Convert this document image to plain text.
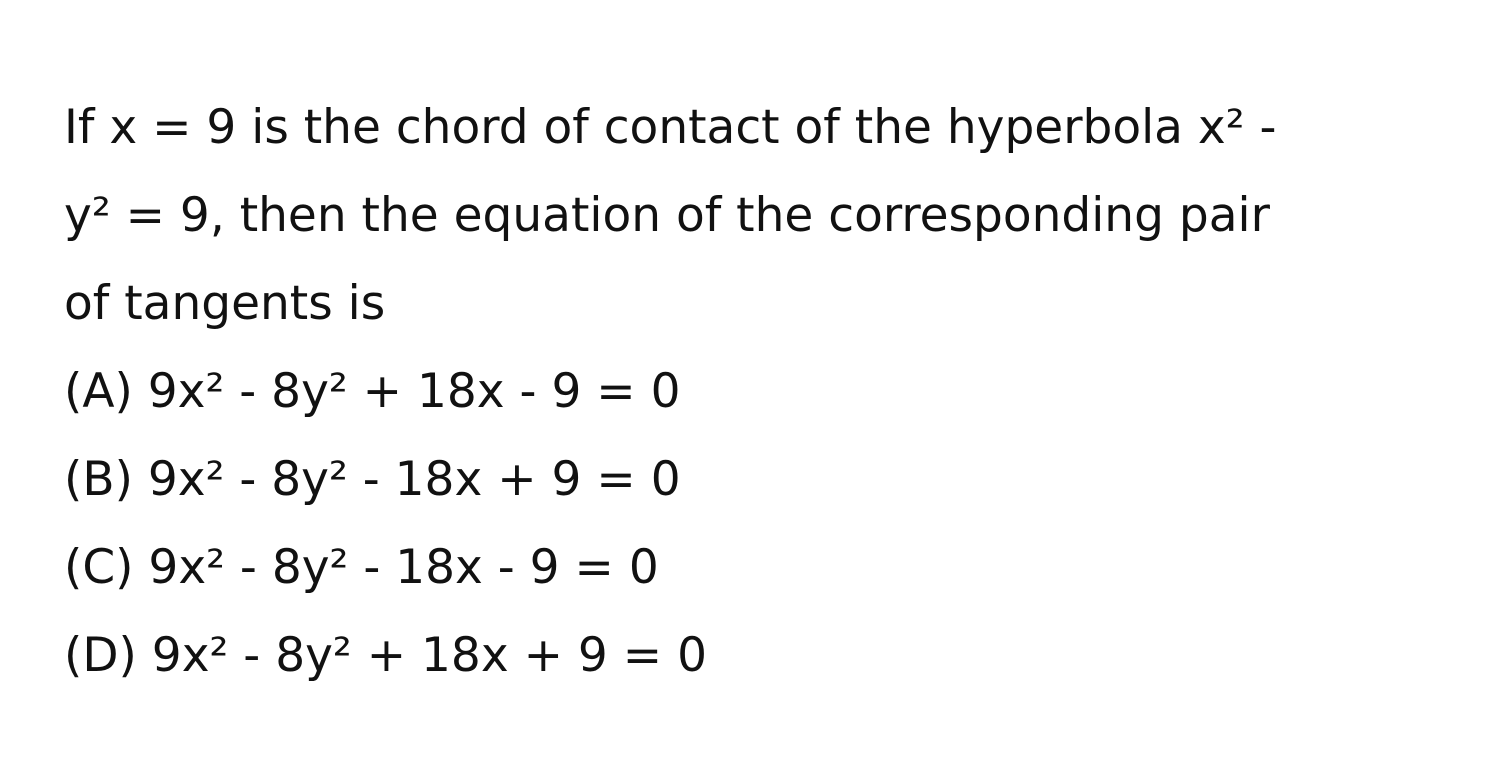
If x = 9 is the chord of contact of the hyperbola x² -
y² = 9, then the equation of the corresponding pair
of tangents is
(A) 9x² - 8y² + 18x - 9 = 0
(B) 9x² - 8y² - 18x + 9 = 0
(C) 9x² - 8y² - 18x - 9 = 0
(D) 9x² - 8y² + 18x + 9 = 0
